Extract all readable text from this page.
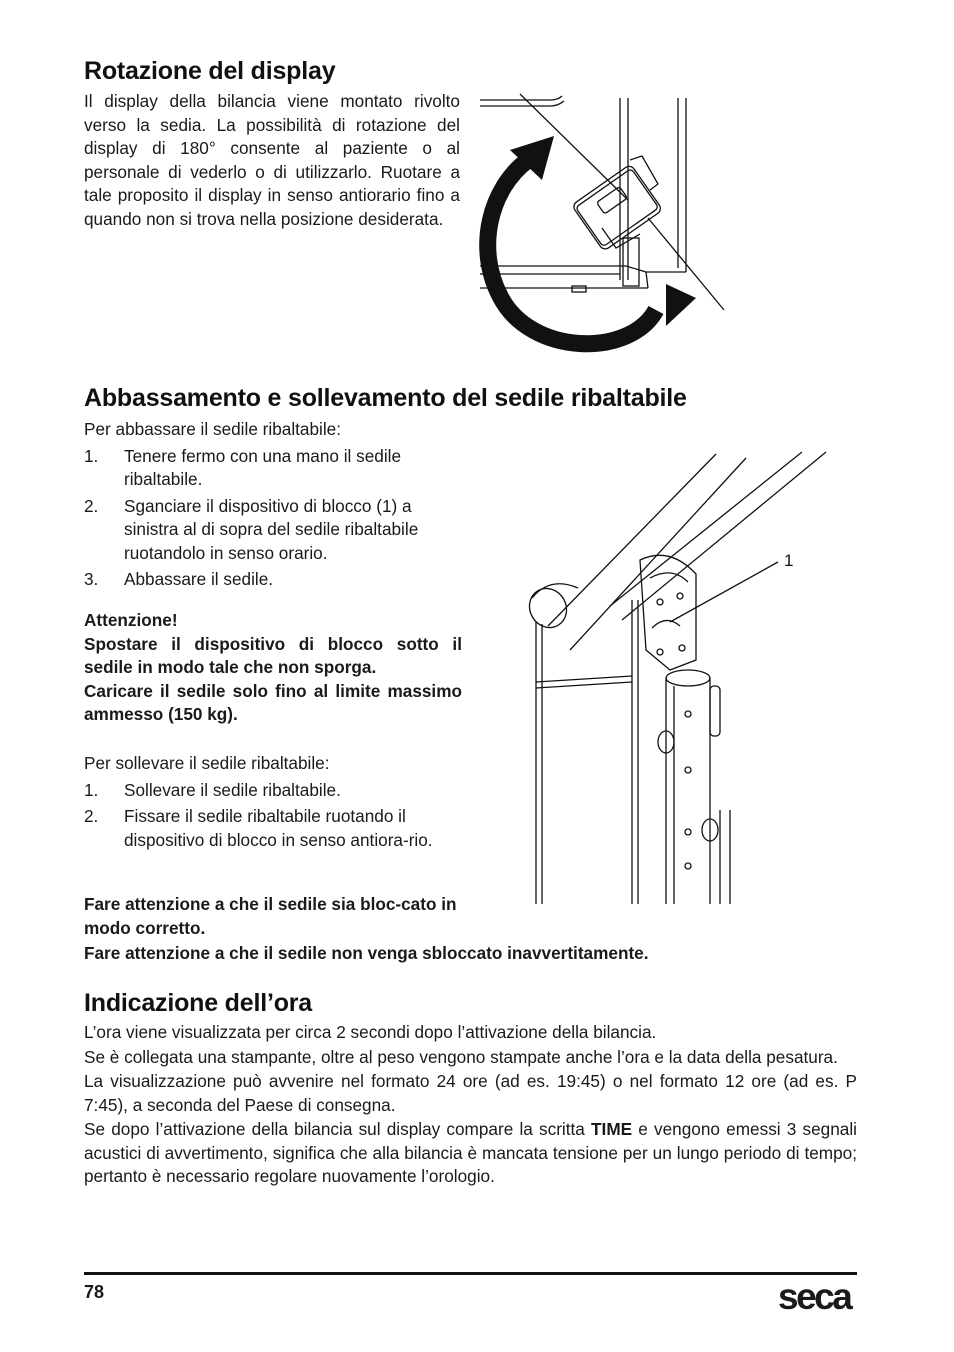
Rotazione del display

Il display della bilancia viene montato rivolto verso la sedia. La possibilità di rotazione del display di 180° consente al paziente o al personale di vederlo o di utilizzarlo. Ruotare a tale proposito il display in senso antiorario fino a quando non si trova nella posizione desiderata.

Abbassamento e sollevamento del sedile ribaltabile

Per abbassare il sedile ribaltabile:

1. Tenere fermo con una mano il sedile ribaltabile.
2. Sganciare il dispositivo di blocco (1) a sinistra al di sopra del sedile ribaltabile ruotandolo in senso orario.
3. Abbassare il sedile.

Attenzione!

Spostare il dispositivo di blocco sotto il sedile in modo tale che non sporga.

Caricare il sedile solo fino al limite massimo ammesso (150 kg).

Per sollevare il sedile ribaltabile:

1. Sollevare il sedile ribaltabile.
2. Fissare il sedile ribaltabile ruotando il dispositivo di blocco in senso antiora-rio.

Fare attenzione a che il sedile sia bloc-cato in modo corretto.

Fare attenzione a che il sedile non venga sbloccato inavvertitamente.

1
Indicazione dell’ora

L’ora viene visualizzata per circa 2 secondi dopo l’attivazione della bilancia.

Se è collegata una stampante, oltre al peso vengono stampate anche l’ora e la data della pesatura.

La visualizzazione può avvenire nel formato 24 ore (ad es. 19:45) o nel formato 12 ore (ad es. P 7:45), a seconda del Paese di consegna.

Se dopo l’attivazione della bilancia sul display compare la scritta TIME e vengono emessi 3 segnali acustici di avvertimento, significa che alla bilancia è mancata tensione per un lungo periodo di tempo; pertanto è necessario regolare nuovamente l’orologio.

78	seca
